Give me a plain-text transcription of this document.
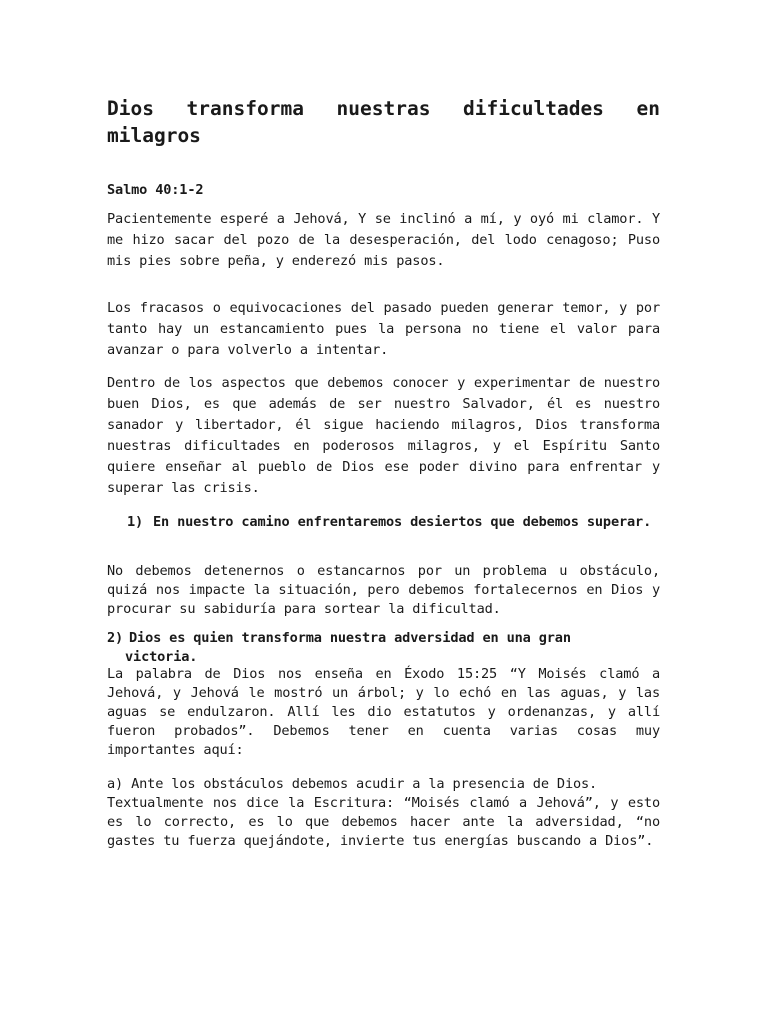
Dios transforma nuestras dificultades en milagros

Salmo 40:1-2

Pacientemente esperé a Jehová, Y se inclinó a mí, y oyó mi clamor. Y me hizo sacar del pozo de la desesperación, del lodo cenagoso; Puso mis pies sobre peña, y enderezó mis pasos.

Los fracasos o equivocaciones del pasado pueden generar temor, y por tanto hay un estancamiento pues la persona no tiene el valor para avanzar o para volverlo a intentar.

Dentro de los aspectos que debemos conocer y experimentar de nuestro buen Dios, es que además de ser nuestro Salvador, él es nuestro sanador y libertador, él sigue haciendo milagros, Dios transforma nuestras dificultades en poderosos milagros, y el Espíritu Santo quiere enseñar al pueblo de Dios ese poder divino para enfrentar y superar las crisis.

1) En nuestro camino enfrentaremos desiertos que debemos superar.

No debemos detenernos o estancarnos por un problema u obstáculo, quizá nos impacte la situación, pero debemos fortalecernos en Dios y procurar su sabiduría para sortear la dificultad.

2) Dios es quien transforma nuestra adversidad en una gran
victoria.

La palabra de Dios nos enseña en Éxodo 15:25 “Y Moisés clamó a Jehová, y Jehová le mostró un árbol; y lo echó en las aguas, y las aguas se endulzaron. Allí les dio estatutos y ordenanzas, y allí fueron probados”. Debemos tener en cuenta varias cosas muy importantes aquí:

a) Ante los obstáculos debemos acudir a la presencia de Dios.

Textualmente nos dice la Escritura: “Moisés clamó a Jehová”, y esto es lo correcto, es lo que debemos hacer ante la adversidad, “no gastes tu fuerza quejándote, invierte tus energías buscando a Dios”.
